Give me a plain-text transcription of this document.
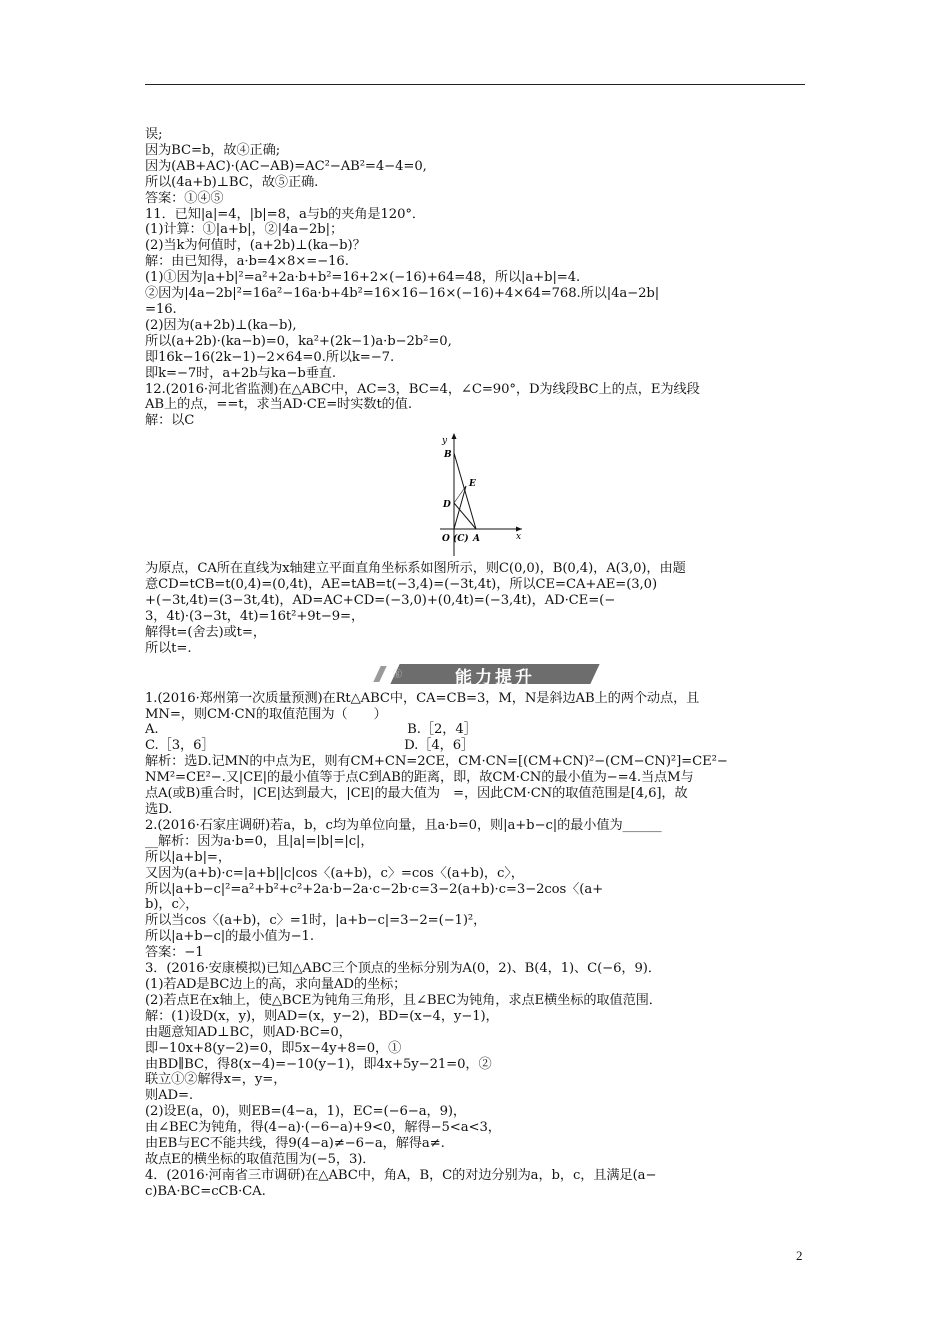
误;
因为BC=b，故④正确;
因为(AB+AC)·(AC−AB)=AC²−AB²=4−4=0,
所以(4a+b)⊥BC，故⑤正确.
答案：①④⑤
11．已知|a|=4，|b|=8，a与b的夹角是120°．
(1)计算：①|a+b|，②|4a−2b|；
(2)当k为何值时，(a+2b)⊥(ka−b)？
解：由已知得，a·b=4×8×=−16.
(1)①因为|a+b|²=a²+2a·b+b²=16+2×(−16)+64=48，所以|a+b|=4.
②因为|4a−2b|²=16a²−16a·b+4b²=16×16−16×(−16)+4×64=768.所以|4a−2b|
=16.
(2)因为(a+2b)⊥(ka−b),
所以(a+2b)·(ka−b)=0，ka²+(2k−1)a·b−2b²=0,
即16k−16(2k−1)−2×64=0.所以k=−7.
即k=−7时，a+2b与ka−b垂直.
12.(2016·河北省监测)在△ABC中，AC=3，BC=4，∠C=90°，D为线段BC上的点，E为线段
AB上的点，==t，求当AD·CE=时实数t的值.
解：以C
y
B
E
D
O (C) A	x
为原点，CA所在直线为x轴建立平面直角坐标系如图所示，则C(0,0)，B(0,4)，A(3,0)，由题
意CD=tCB=t(0,4)=(0,4t)，AE=tAB=t(−3,4)=(−3t,4t)，所以CE=CA+AE=(3,0)
+(−3t,4t)=(3−3t,4t)，AD=AC+CD=(−3,0)+(0,4t)=(−3,4t)，AD·CE=(−
3，4t)·(3−3t，4t)=16t²+9t−9=，
解得t=(舍去)或t=，
所以t=.
ⓖ	能力提升
1.(2016·郑州第一次质量预测)在Rt△ABC中，CA=CB=3，M，N是斜边AB上的两个动点，且
MN=，则CM·CN的取值范围为（　　）
A.　　　　　　　　　　　　　　　　　　　B.［2，4］
C.［3，6］　　　　　　　　　　　　　　　D.［4，6］
解析：选D.记MN的中点为E，则有CM+CN=2CE，CM·CN=[(CM+CN)²−(CM−CN)²]=CE²−
NM²=CE²−.又|CE|的最小值等于点C到AB的距离，即，故CM·CN的最小值为−=4.当点M与
点A(或B)重合时，|CE|达到最大，|CE|的最大值为　=，因此CM·CN的取值范围是[4,6]，故
选D.
2.(2016·石家庄调研)若a，b，c均为单位向量，且a·b=0，则|a+b−c|的最小值为______
__解析：因为a·b=0，且|a|=|b|=|c|，
所以|a+b|=，
又因为(a+b)·c=|a+b||c|cos〈(a+b)，c〉=cos〈(a+b)，c〉，
所以|a+b−c|²=a²+b²+c²+2a·b−2a·c−2b·c=3−2(a+b)·c=3−2cos〈(a+
b)，c〉，
所以当cos〈(a+b)，c〉=1时，|a+b−c|=3−2=(−1)²，
所以|a+b−c|的最小值为−1.
答案：−1
3．(2016·安康模拟)已知△ABC三个顶点的坐标分别为A(0，2)、B(4，1)、C(−6，9)．
(1)若AD是BC边上的高，求向量AD的坐标；
(2)若点E在x轴上，使△BCE为钝角三角形，且∠BEC为钝角，求点E横坐标的取值范围．
解：(1)设D(x，y)，则AD=(x，y−2)，BD=(x−4，y−1)，
由题意知AD⊥BC，则AD·BC=0，
即−10x+8(y−2)=0，即5x−4y+8=0，①
由BD∥BC，得8(x−4)=−10(y−1)，即4x+5y−21=0，②
联立①②解得x=，y=，
则AD=.
(2)设E(a，0)，则EB=(4−a，1)，EC=(−6−a，9)，
由∠BEC为钝角，得(4−a)·(−6−a)+9<0，解得−5<a<3，
由EB与EC不能共线，得9(4−a)≠−6−a，解得a≠.
故点E的横坐标的取值范围为(−5，3)．
4．(2016·河南省三市调研)在△ABC中，角A，B，C的对边分别为a，b，c，且满足(a−
c)BA·BC=cCB·CA.
2
